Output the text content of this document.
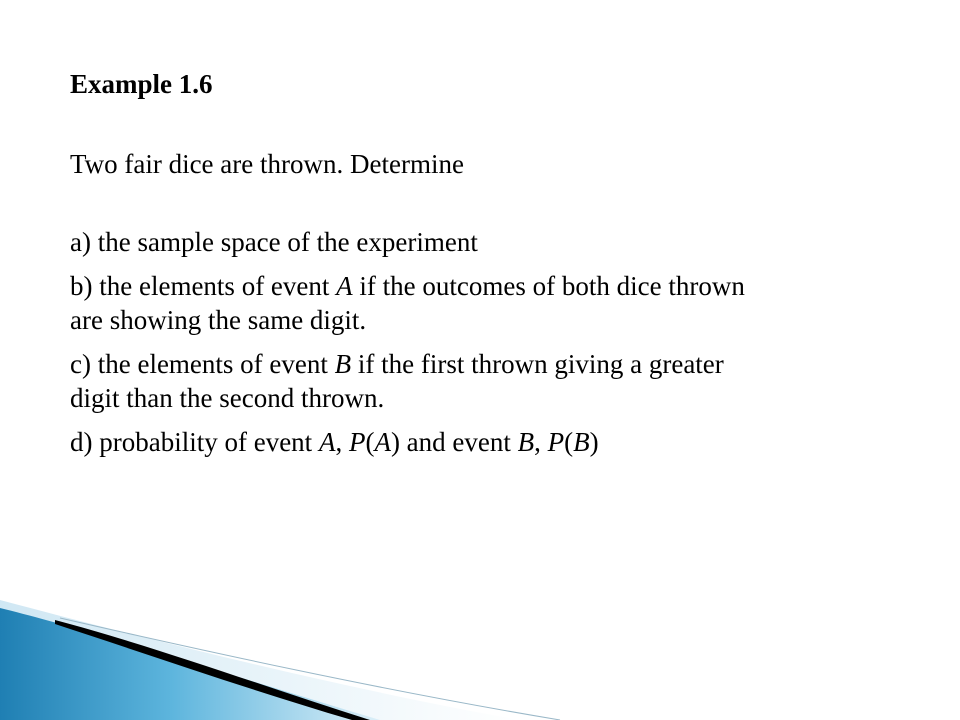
Example 1.6
Two fair dice are thrown. Determine
a) the sample space of the experiment
b) the elements of event A if the outcomes of both dice thrown
are showing the same digit.
c) the elements of event B if the first thrown giving a greater
digit than the second thrown.
d) probability of event A, P(A) and event B, P(B)
